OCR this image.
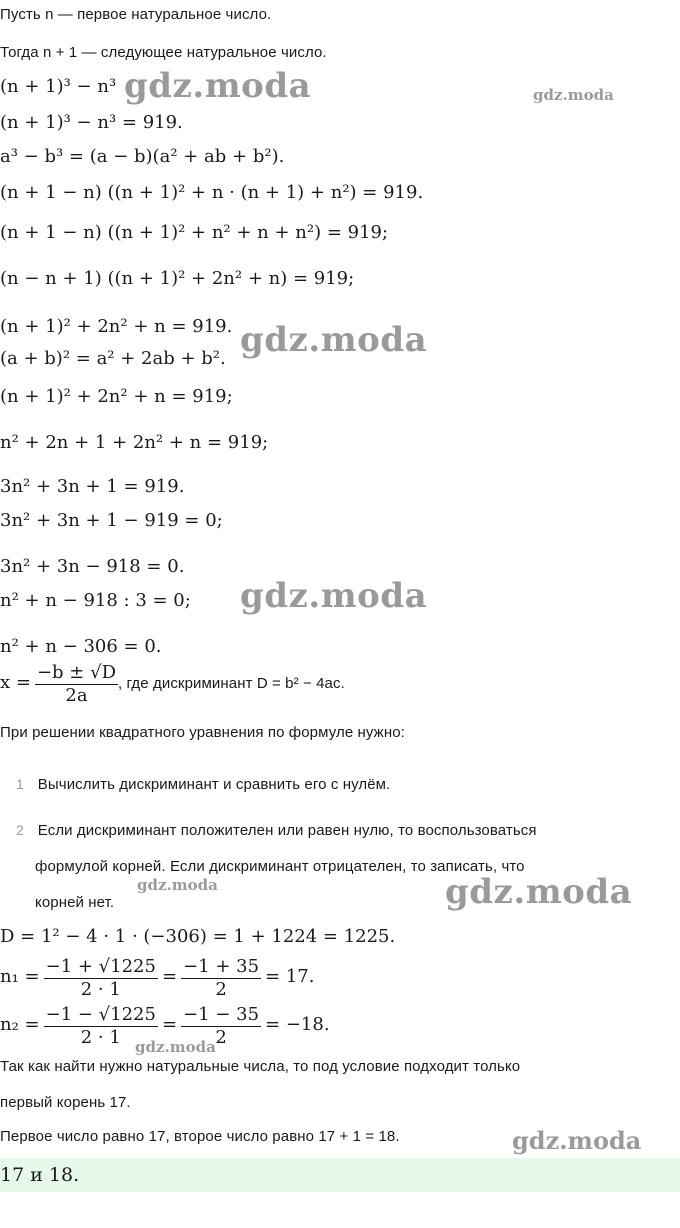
Пусть n — первое натуральное число.
Тогда n + 1 — следующее натуральное число.
(n + 1)³ − n³
(n + 1)³ − n³ = 919.
a³ − b³ = (a − b)(a² + ab + b²).
(n + 1 − n) ((n + 1)² + n · (n + 1) + n²) = 919.
(n + 1 − n) ((n + 1)² + n² + n + n²) = 919;
(n − n + 1) ((n + 1)² + 2n² + n) = 919;
(n + 1)² + 2n² + n = 919.
(a + b)² = a² + 2ab + b².
(n + 1)² + 2n² + n = 919;
n² + 2n + 1 + 2n² + n = 919;
3n² + 3n + 1 = 919.
3n² + 3n + 1 − 919 = 0;
3n² + 3n − 918 = 0.
n² + n − 918 : 3 = 0;
n² + n − 306 = 0.
$x = \frac{-b \pm √D}{2a}$ , где дискриминант D = b² − 4ac.
При решении квадратного уравнения по формуле нужно:
1 Вычислить дискриминант и сравнить его с нулём.
2 Если дискриминант положителен или равен нулю, то воспользоваться
формулой корней. Если дискриминант отрицателен, то записать, что
корней нет.
D = 1² − 4 · 1 · (−306) = 1 + 1224 = 1225.
$n_1 = \frac{-1 + √1225}{2 \cdot 1} = \frac{-1 + 35}{2} = 17$.
$n_2 = \frac{-1 - √1225}{2 \cdot 1} = \frac{-1 - 35}{2} = -18$.
Так как найти нужно натуральные числа, то под условие подходит только
первый корень 17.
Первое число равно 17, второе число равно 17 + 1 = 18.
17 и 18.
gdz.moda	gdz.moda
gdz.moda
gdz.moda
gdz.moda	gdz.moda
gdz.moda
gdz.moda
